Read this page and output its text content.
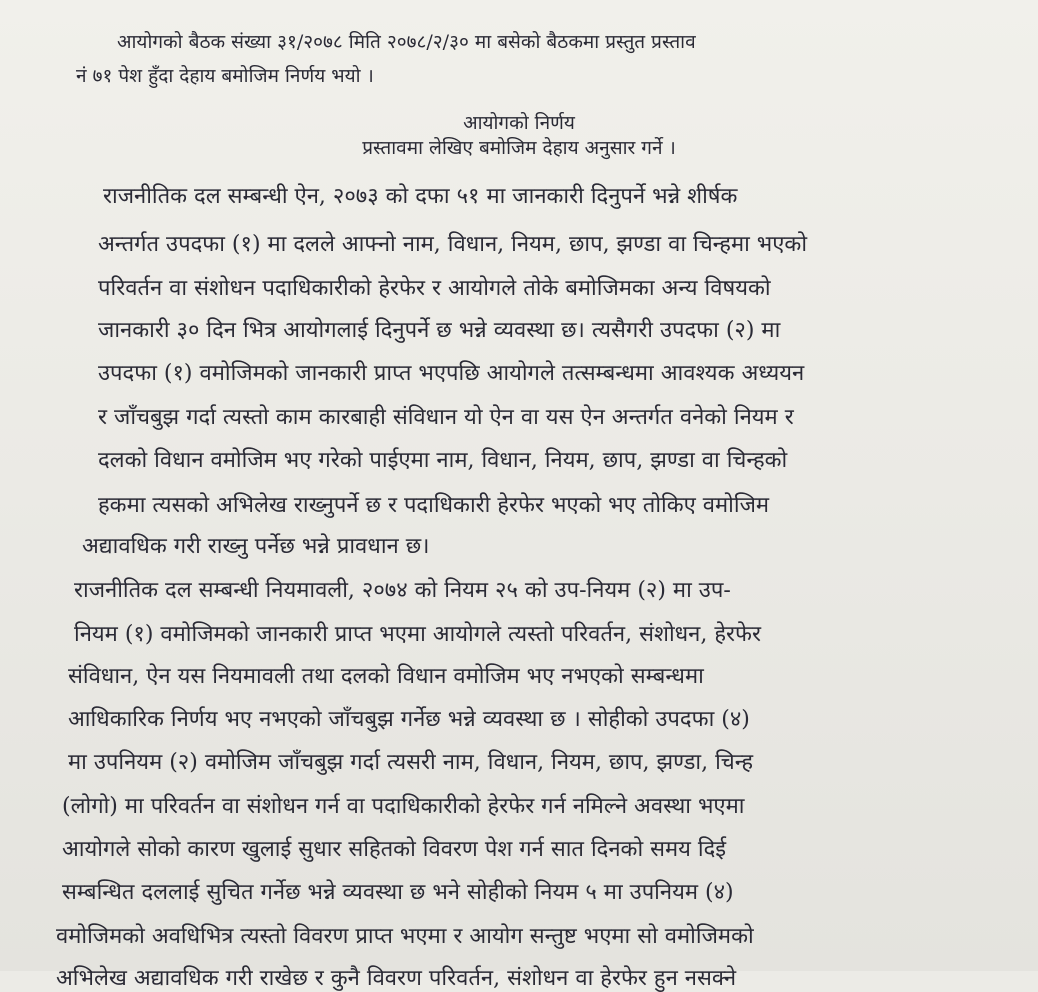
आयोगको बैठक संख्या ३१/२०७८ मिति २०७८/२/३० मा बसेको बैठकमा प्रस्तुत प्रस्ताव
नं ७१ पेश हुँदा देहाय बमोजिम निर्णय भयो ।
आयोगको निर्णय
प्रस्तावमा लेखिए बमोजिम देहाय अनुसार गर्ने ।
राजनीतिक दल सम्बन्धी ऐन, २०७३ को दफा ५१ मा जानकारी दिनुपर्ने भन्ने शीर्षक
अन्तर्गत उपदफा (१) मा दलले आफ्नो नाम, विधान, नियम, छाप, झण्डा वा चिन्हमा भएको
परिवर्तन वा संशोधन पदाधिकारीको हेरफेर र आयोगले तोके बमोजिमका अन्य विषयको
जानकारी ३० दिन भित्र आयोगलाई दिनुपर्ने छ भन्ने व्यवस्था छ। त्यसैगरी उपदफा (२) मा
उपदफा (१) वमोजिमको जानकारी प्राप्त भएपछि आयोगले तत्सम्बन्धमा आवश्यक अध्ययन
र जाँचबुझ गर्दा त्यस्तो काम कारबाही संविधान यो ऐन वा यस ऐन अन्तर्गत वनेको नियम र
दलको विधान वमोजिम भए गरेको पाईएमा नाम, विधान, नियम, छाप, झण्डा वा चिन्हको
हकमा त्यसको अभिलेख राख्नुपर्ने छ र पदाधिकारी हेरफेर भएको भए तोकिए वमोजिम
अद्यावधिक गरी राख्नु पर्नेछ भन्ने प्रावधान छ।
राजनीतिक दल सम्बन्धी नियमावली, २०७४ को नियम २५ को उप-नियम (२) मा उप-
नियम (१) वमोजिमको जानकारी प्राप्त भएमा आयोगले त्यस्तो परिवर्तन, संशोधन, हेरफेर
संविधान, ऐन यस नियमावली तथा दलको विधान वमोजिम भए नभएको सम्बन्धमा
आधिकारिक निर्णय भए नभएको जाँचबुझ गर्नेछ भन्ने व्यवस्था छ । सोहीको उपदफा (४)
मा उपनियम (२) वमोजिम जाँचबुझ गर्दा त्यसरी नाम, विधान, नियम, छाप, झण्डा, चिन्ह
(लोगो) मा परिवर्तन वा संशोधन गर्न वा पदाधिकारीको हेरफेर गर्न नमिल्ने अवस्था भएमा
आयोगले सोको कारण खुलाई सुधार सहितको विवरण पेश गर्न सात दिनको समय दिई
सम्बन्धित दललाई सुचित गर्नेछ भन्ने व्यवस्था छ भने सोहीको नियम ५ मा उपनियम (४)
वमोजिमको अवधिभित्र त्यस्तो विवरण प्राप्त भएमा र आयोग सन्तुष्ट भएमा सो वमोजिमको
अभिलेख अद्यावधिक गरी राखेछ र कुनै विवरण परिवर्तन, संशोधन वा हेरफेर हुन नसक्ने
